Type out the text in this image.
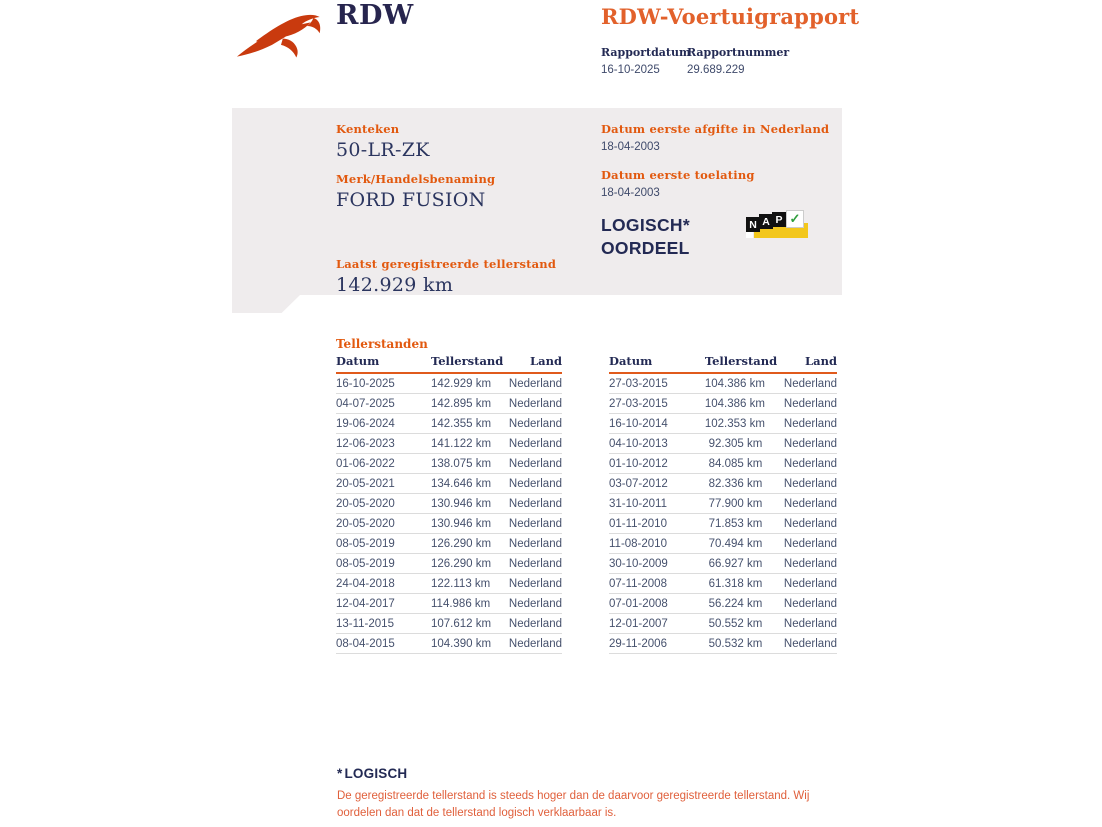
RDW	RDW-Voertuigrapport
Rapportdatum
16-10-2025
Rapportnummer
29.689.229
Kenteken
50-LR-ZK
Merk/Handelsbenaming
FORD FUSION
Laatst geregistreerde tellerstand
142.929 km
Datum eerste afgifte in Nederland
18-04-2003
Datum eerste toelating
18-04-2003
LOGISCH*
OORDEEL
N A P ✓
Tellerstanden
Datum	Tellerstand	Land
16-10-2025	142.929 km	Nederland
04-07-2025	142.895 km	Nederland
19-06-2024	142.355 km	Nederland
12-06-2023	141.122 km	Nederland
01-06-2022	138.075 km	Nederland
20-05-2021	134.646 km	Nederland
20-05-2020	130.946 km	Nederland
20-05-2020	130.946 km	Nederland
08-05-2019	126.290 km	Nederland
08-05-2019	126.290 km	Nederland
24-04-2018	122.113 km	Nederland
12-04-2017	114.986 km	Nederland
13-11-2015	107.612 km	Nederland
08-04-2015	104.390 km	Nederland
Datum	Tellerstand	Land
27-03-2015	104.386 km	Nederland
27-03-2015	104.386 km	Nederland
16-10-2014	102.353 km	Nederland
04-10-2013	92.305 km	Nederland
01-10-2012	84.085 km	Nederland
03-07-2012	82.336 km	Nederland
31-10-2011	77.900 km	Nederland
01-11-2010	71.853 km	Nederland
11-08-2010	70.494 km	Nederland
30-10-2009	66.927 km	Nederland
07-11-2008	61.318 km	Nederland
07-01-2008	56.224 km	Nederland
12-01-2007	50.552 km	Nederland
29-11-2006	50.532 km	Nederland
* LOGISCH
De geregistreerde tellerstand is steeds hoger dan de daarvoor geregistreerde tellerstand. Wij oordelen dan dat de tellerstand logisch verklaarbaar is.
